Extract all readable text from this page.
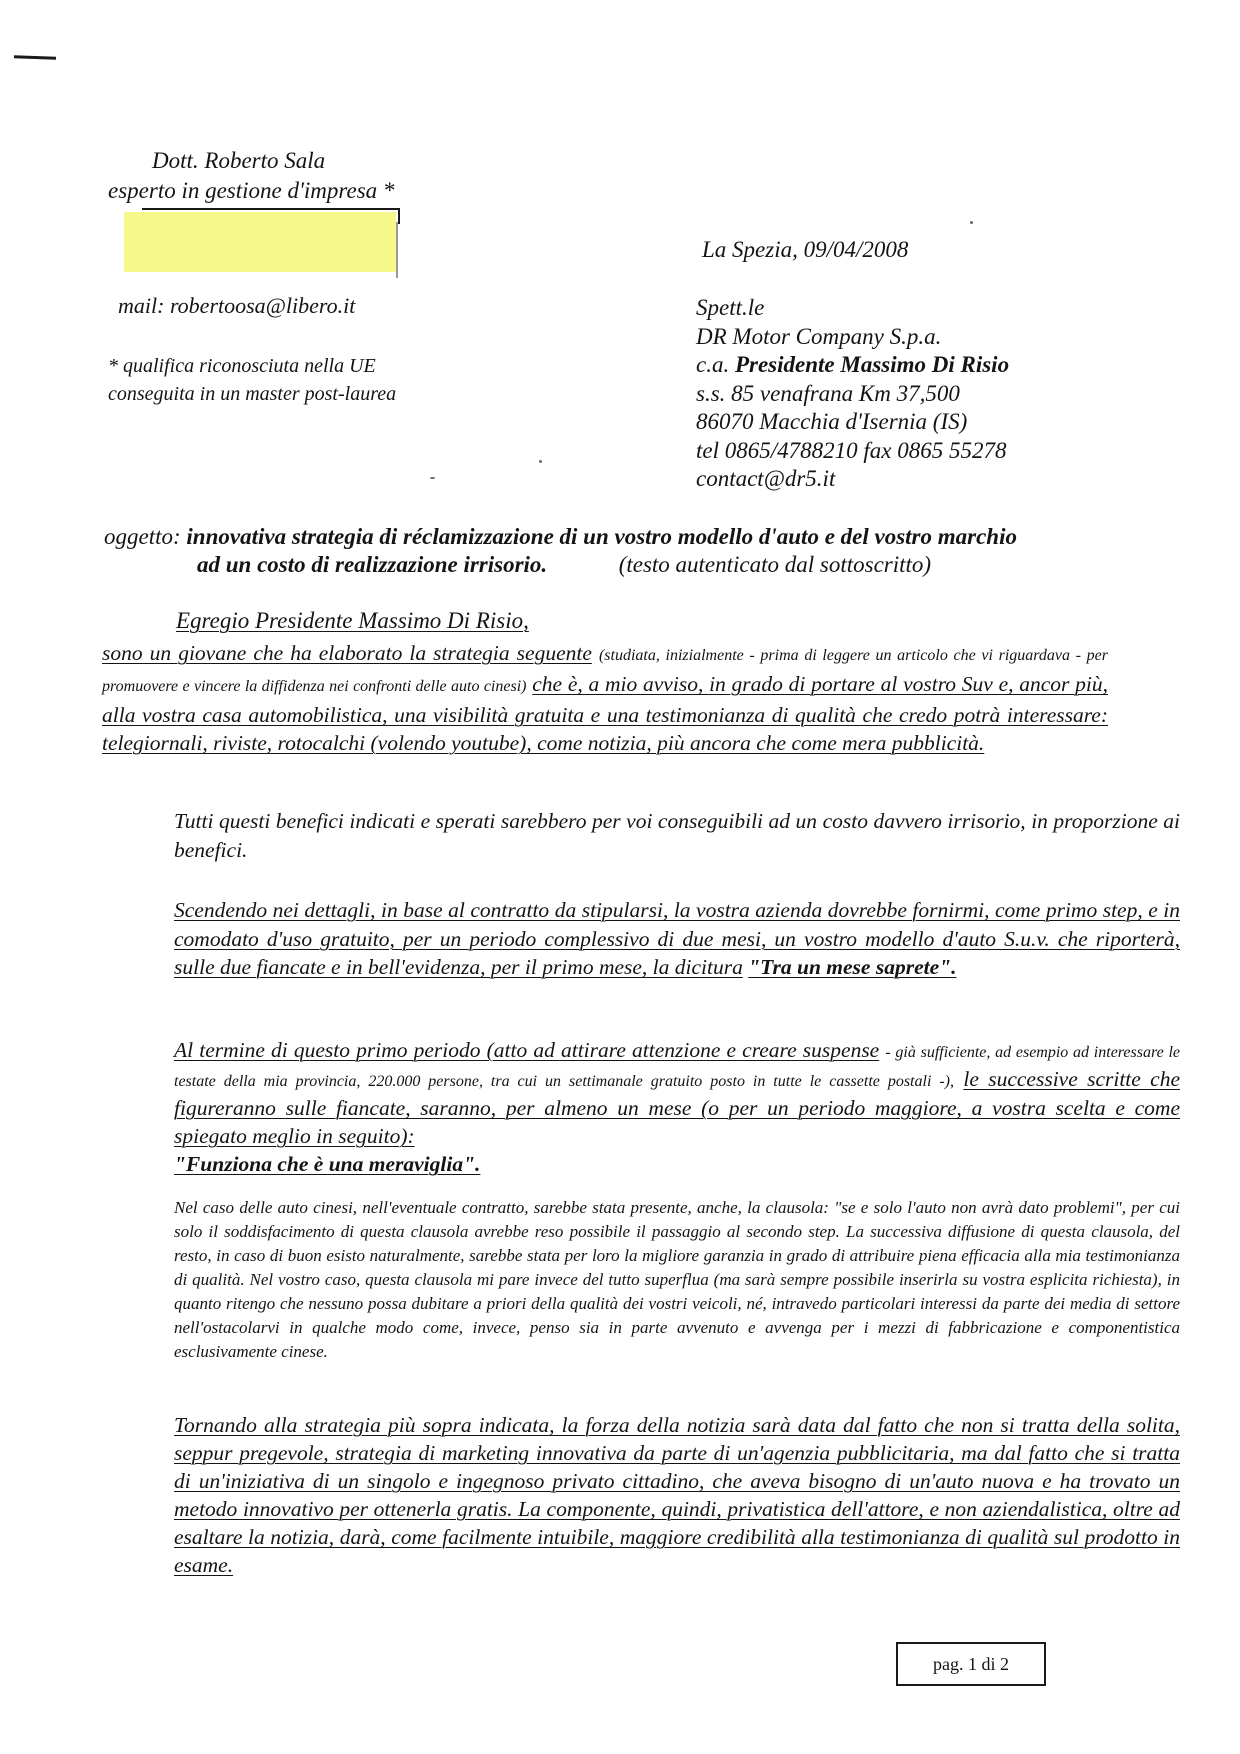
Dott. Roberto Sala
esperto in gestione d'impresa *
mail: robertoosa@libero.it
* qualifica riconosciuta nella UE
conseguita in un master post-laurea
La Spezia, 09/04/2008
Spett.le
DR Motor Company S.p.a.
c.a. Presidente Massimo Di Risio
s.s. 85 venafrana Km 37,500
86070 Macchia d'Isernia (IS)
tel 0865/4788210 fax 0865 55278
contact@dr5.it
oggetto: innovativa strategia di réclamizzazione di un vostro modello d'auto e del vostro marchio
ad un costo di realizzazione irrisorio.	(testo autenticato dal sottoscritto)
Egregio Presidente Massimo Di Risio,
sono un giovane che ha elaborato la strategia seguente (studiata, inizialmente - prima di leggere un articolo che vi riguardava - per promuovere e vincere la diffidenza nei confronti delle auto cinesi) che è, a mio avviso, in grado di portare al vostro Suv e, ancor più, alla vostra casa automobilistica, una visibilità gratuita e una testimonianza di qualità che credo potrà interessare: telegiornali, riviste, rotocalchi (volendo youtube), come notizia, più ancora che come mera pubblicità.
Tutti questi benefici indicati e sperati sarebbero per voi conseguibili ad un costo davvero irrisorio, in proporzione ai benefici.
Scendendo nei dettagli, in base al contratto da stipularsi, la vostra azienda dovrebbe fornirmi, come primo step, e in comodato d'uso gratuito, per un periodo complessivo di due mesi, un vostro modello d'auto S.u.v. che riporterà, sulle due fiancate e in bell'evidenza, per il primo mese, la dicitura "Tra un mese saprete".
Al termine di questo primo periodo (atto ad attirare attenzione e creare suspense - già sufficiente, ad esempio ad interessare le testate della mia provincia, 220.000 persone, tra cui un settimanale gratuito posto in tutte le cassette postali -), le successive scritte che figureranno sulle fiancate, saranno, per almeno un mese (o per un periodo maggiore, a vostra scelta e come spiegato meglio in seguito):
"Funziona che è una meraviglia".
Nel caso delle auto cinesi, nell'eventuale contratto, sarebbe stata presente, anche, la clausola: "se e solo l'auto non avrà dato problemi", per cui solo il soddisfacimento di questa clausola avrebbe reso possibile il passaggio al secondo step. La successiva diffusione di questa clausola, del resto, in caso di buon esisto naturalmente, sarebbe stata per loro la migliore garanzia in grado di attribuire piena efficacia alla mia testimonianza di qualità. Nel vostro caso, questa clausola mi pare invece del tutto superflua (ma sarà sempre possibile inserirla su vostra esplicita richiesta), in quanto ritengo che nessuno possa dubitare a priori della qualità dei vostri veicoli, né, intravedo particolari interessi da parte dei media di settore nell'ostacolarvi in qualche modo come, invece, penso sia in parte avvenuto e avvenga per i mezzi di fabbricazione e componentistica esclusivamente cinese.
Tornando alla strategia più sopra indicata, la forza della notizia sarà data dal fatto che non si tratta della solita, seppur pregevole, strategia di marketing innovativa da parte di un'agenzia pubblicitaria, ma dal fatto che si tratta di un'iniziativa di un singolo e ingegnoso privato cittadino, che aveva bisogno di un'auto nuova e ha trovato un metodo innovativo per ottenerla gratis. La componente, quindi, privatistica dell'attore, e non aziendalistica, oltre ad esaltare la notizia, darà, come facilmente intuibile, maggiore credibilità alla testimonianza di qualità sul prodotto in esame.
pag. 1 di 2
